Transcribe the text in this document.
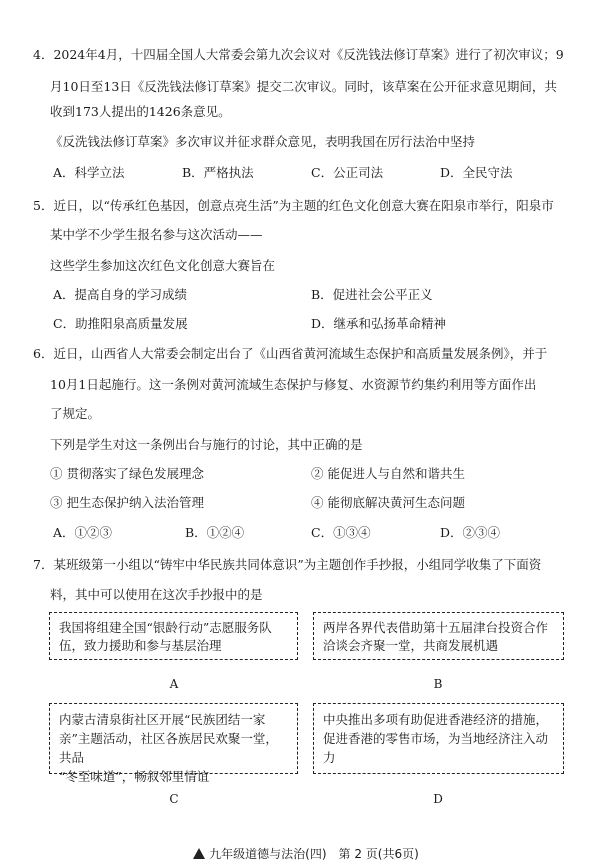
4．2024年4月，十四届全国人大常委会第九次会议对《反洗钱法修订草案》进行了初次审议；9
月10日至13日《反洗钱法修订草案》提交二次审议。同时，该草案在公开征求意见期间，共
收到173人提出的1426条意见。
《反洗钱法修订草案》多次审议并征求群众意见，表明我国在厉行法治中坚持
A．科学立法	B．严格执法	C．公正司法	D．全民守法
5．近日，以“传承红色基因，创意点亮生活”为主题的红色文化创意大赛在阳泉市举行，阳泉市
某中学不少学生报名参与这次活动——
这些学生参加这次红色文化创意大赛旨在
A．提高自身的学习成绩	B．促进社会公平正义
C．助推阳泉高质量发展	D．继承和弘扬革命精神
6．近日，山西省人大常委会制定出台了《山西省黄河流域生态保护和高质量发展条例》，并于
10月1日起施行。这一条例对黄河流域生态保护与修复、水资源节约集约利用等方面作出
了规定。
下列是学生对这一条例出台与施行的讨论，其中正确的是
① 贯彻落实了绿色发展理念	② 能促进人与自然和谐共生
③ 把生态保护纳入法治管理	④ 能彻底解决黄河生态问题
A．①②③	B．①②④	C．①③④	D．②③④
7．某班级第一小组以“铸牢中华民族共同体意识”为主题创作手抄报，小组同学收集了下面资
料，其中可以使用在这次手抄报中的是
我国将组建全国“银龄行动”志愿服务队
伍，致力援助和参与基层治理
A
两岸各界代表借助第十五届津台投资合作
洽谈会齐聚一堂，共商发展机遇
B
内蒙古清泉街社区开展“民族团结一家
亲”主题活动，社区各族居民欢聚一堂，共品
“冬至味道”，畅叙邻里情谊
C
中央推出多项有助促进香港经济的措施，
促进香港的零售市场，为当地经济注入动
力
D
九年级道德与法治(四)　第 2 页(共6页)
